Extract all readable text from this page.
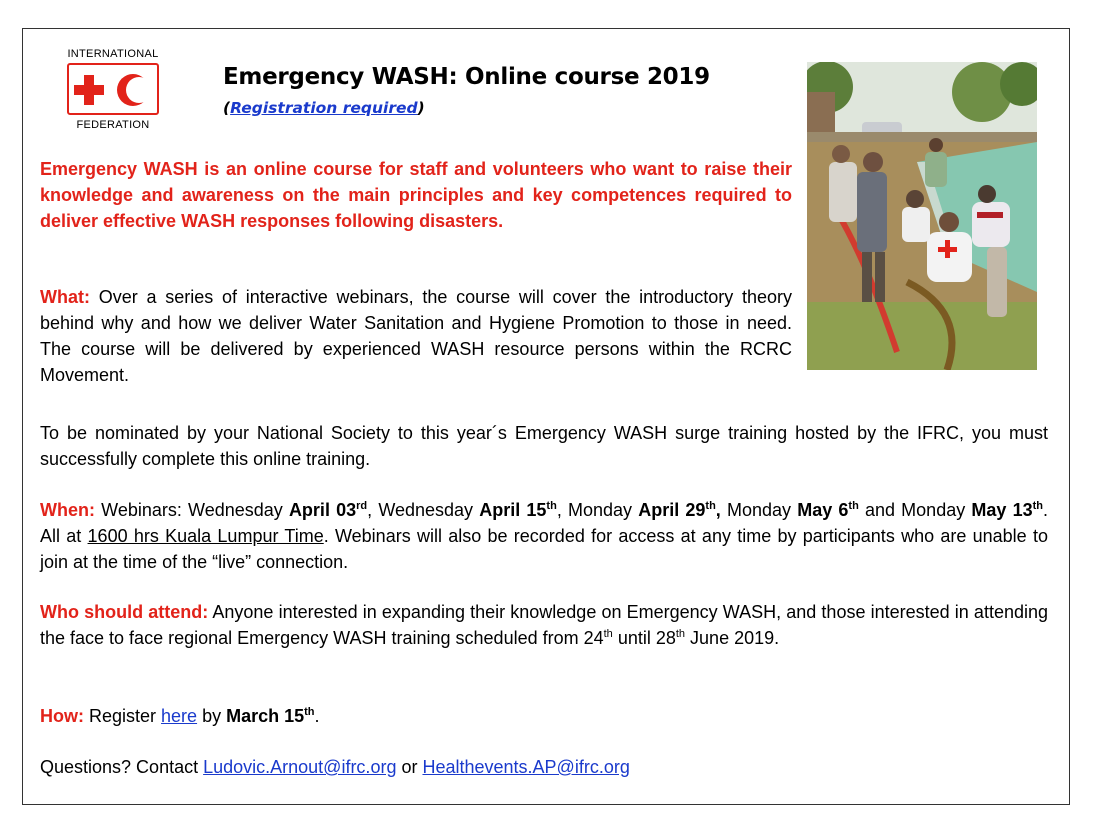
INTERNATIONAL
FEDERATION
Emergency WASH: Online course 2019
(Registration required)
Emergency WASH is an online course for staff and volunteers who want to raise their knowledge and awareness on the main principles and key competences required to deliver effective WASH responses following disasters.
What: Over a series of interactive webinars, the course will cover the introductory theory behind why and how we deliver Water Sanitation and Hygiene Promotion to those in need. The course will be delivered by experienced WASH resource persons within the RCRC Movement.
To be nominated by your National Society to this year´s Emergency WASH surge training hosted by the IFRC, you must successfully complete this online training.
When: Webinars: Wednesday April 03rd, Wednesday April 15th, Monday April 29th, Monday May 6th and Monday May 13th. All at 1600 hrs Kuala Lumpur Time. Webinars will also be recorded for access at any time by participants who are unable to join at the time of the “live” connection.
Who should attend: Anyone interested in expanding their knowledge on Emergency WASH, and those interested in attending the face to face regional Emergency WASH training scheduled from 24th until 28th June 2019.
How: Register here by March 15th.
Questions? Contact Ludovic.Arnout@ifrc.org or Healthevents.AP@ifrc.org
